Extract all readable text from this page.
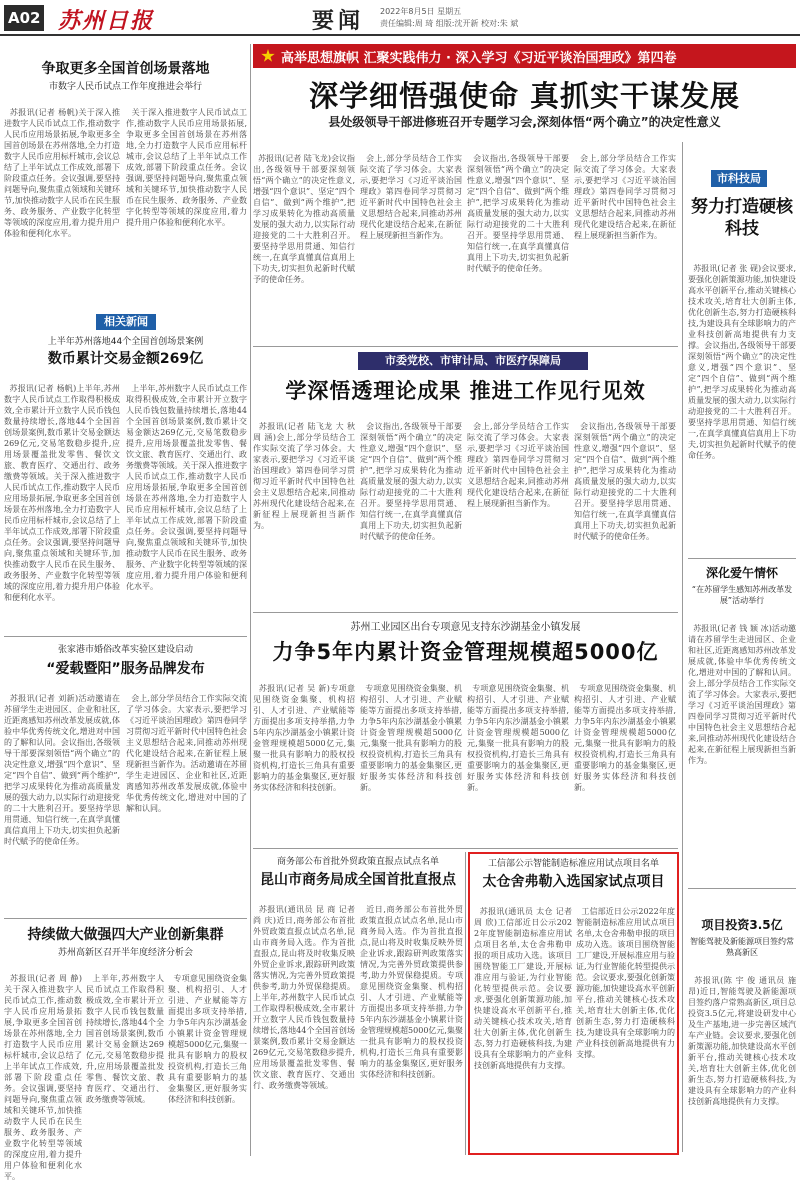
A02 苏州日报	要闻 2022年8月5日 星期五
责任编辑:周 琦 组版:沈开新 校对:朱 斌
高举思想旗帜 汇聚实践伟力 · 深入学习《习近平谈治国理政》第四卷
深学细悟强使命 真抓实干谋发展
县处级领导干部进修班召开专题学习会,深刻体悟“两个确立”的决定性意义

苏报讯(记者 陆飞龙)会议指出,各级领导干部要深刻领悟“两个确立”的决定性意义,增强“四个意识”、坚定“四个自信”、做到“两个维护”,把学习成果转化为推动高质量发展的强大动力,以实际行动迎接党的二十大胜利召开。要坚持学思用贯通、知信行统一,在真学真懂真信真用上下功夫,切实担负起新时代赋予的使命任务。

会上,部分学员结合工作实际交流了学习体会。大家表示,要把学习《习近平谈治国理政》第四卷同学习贯彻习近平新时代中国特色社会主义思想结合起来,同推动苏州现代化建设结合起来,在新征程上展现新担当新作为。

会议指出,各级领导干部要深刻领悟“两个确立”的决定性意义,增强“四个意识”、坚定“四个自信”、做到“两个维护”,把学习成果转化为推动高质量发展的强大动力,以实际行动迎接党的二十大胜利召开。要坚持学思用贯通、知信行统一,在真学真懂真信真用上下功夫,切实担负起新时代赋予的使命任务。

会上,部分学员结合工作实际交流了学习体会。大家表示,要把学习《习近平谈治国理政》第四卷同学习贯彻习近平新时代中国特色社会主义思想结合起来,同推动苏州现代化建设结合起来,在新征程上展现新担当新作为。

市科技局
努力打造硬核科技

苏报讯(记者 张 砚)会议要求,要强化创新策源功能,加快建设高水平创新平台,推动关键核心技术攻关,培育壮大创新主体,优化创新生态,努力打造硬核科技,为建设具有全球影响力的产业科技创新高地提供有力支撑。会议指出,各级领导干部要深刻领悟“两个确立”的决定性意义,增强“四个意识”、坚定“四个自信”、做到“两个维护”,把学习成果转化为推动高质量发展的强大动力,以实际行动迎接党的二十大胜利召开。要坚持学思用贯通、知信行统一,在真学真懂真信真用上下功夫,切实担负起新时代赋予的使命任务。

争取更多全国首创场景落地
市数字人民币试点工作年度推进会举行

苏报讯(记者 杨帆)关于深入推进数字人民币试点工作,推动数字人民币应用场景拓展,争取更多全国首创场景在苏州落地,全力打造数字人民币应用标杆城市,会议总结了上半年试点工作成效,部署下阶段重点任务。会议强调,要坚持问题导向,聚焦重点领域和关键环节,加快推动数字人民币在民生服务、政务服务、产业数字化转型等领域的深度应用,着力提升用户体验和便利化水平。

关于深入推进数字人民币试点工作,推动数字人民币应用场景拓展,争取更多全国首创场景在苏州落地,全力打造数字人民币应用标杆城市,会议总结了上半年试点工作成效,部署下阶段重点任务。会议强调,要坚持问题导向,聚焦重点领域和关键环节,加快推动数字人民币在民生服务、政务服务、产业数字化转型等领域的深度应用,着力提升用户体验和便利化水平。

相关新闻
上半年苏州落地44个全国首创场景案例
数币累计交易金额269亿

苏报讯(记者 杨帆)上半年,苏州数字人民币试点工作取得积极成效,全市累计开立数字人民币钱包数量持续增长,落地44个全国首创场景案例,数币累计交易金额达269亿元,交易笔数稳步提升,应用场景覆盖批发零售、餐饮文旅、教育医疗、交通出行、政务缴费等领域。关于深入推进数字人民币试点工作,推动数字人民币应用场景拓展,争取更多全国首创场景在苏州落地,全力打造数字人民币应用标杆城市,会议总结了上半年试点工作成效,部署下阶段重点任务。会议强调,要坚持问题导向,聚焦重点领域和关键环节,加快推动数字人民币在民生服务、政务服务、产业数字化转型等领域的深度应用,着力提升用户体验和便利化水平。

上半年,苏州数字人民币试点工作取得积极成效,全市累计开立数字人民币钱包数量持续增长,落地44个全国首创场景案例,数币累计交易金额达269亿元,交易笔数稳步提升,应用场景覆盖批发零售、餐饮文旅、教育医疗、交通出行、政务缴费等领域。关于深入推进数字人民币试点工作,推动数字人民币应用场景拓展,争取更多全国首创场景在苏州落地,全力打造数字人民币应用标杆城市,会议总结了上半年试点工作成效,部署下阶段重点任务。会议强调,要坚持问题导向,聚焦重点领域和关键环节,加快推动数字人民币在民生服务、政务服务、产业数字化转型等领域的深度应用,着力提升用户体验和便利化水平。

市委党校、市审计局、市医疗保障局
学深悟透理论成果 推进工作见行见效

苏报讯(记者 陆飞龙 大 秋 周 涵)会上,部分学员结合工作实际交流了学习体会。大家表示,要把学习《习近平谈治国理政》第四卷同学习贯彻习近平新时代中国特色社会主义思想结合起来,同推动苏州现代化建设结合起来,在新征程上展现新担当新作为。

会议指出,各级领导干部要深刻领悟“两个确立”的决定性意义,增强“四个意识”、坚定“四个自信”、做到“两个维护”,把学习成果转化为推动高质量发展的强大动力,以实际行动迎接党的二十大胜利召开。要坚持学思用贯通、知信行统一,在真学真懂真信真用上下功夫,切实担负起新时代赋予的使命任务。

会上,部分学员结合工作实际交流了学习体会。大家表示,要把学习《习近平谈治国理政》第四卷同学习贯彻习近平新时代中国特色社会主义思想结合起来,同推动苏州现代化建设结合起来,在新征程上展现新担当新作为。

会议指出,各级领导干部要深刻领悟“两个确立”的决定性意义,增强“四个意识”、坚定“四个自信”、做到“两个维护”,把学习成果转化为推动高质量发展的强大动力,以实际行动迎接党的二十大胜利召开。要坚持学思用贯通、知信行统一,在真学真懂真信真用上下功夫,切实担负起新时代赋予的使命任务。

张家港市婚俗改革实验区建设启动
“爱载暨阳”服务品牌发布

苏报讯(记者 刘新)活动邀请在苏留学生走进园区、企业和社区,近距离感知苏州改革发展成就,体验中华优秀传统文化,增进对中国的了解和认同。会议指出,各级领导干部要深刻领悟“两个确立”的决定性意义,增强“四个意识”、坚定“四个自信”、做到“两个维护”,把学习成果转化为推动高质量发展的强大动力,以实际行动迎接党的二十大胜利召开。要坚持学思用贯通、知信行统一,在真学真懂真信真用上下功夫,切实担负起新时代赋予的使命任务。

会上,部分学员结合工作实际交流了学习体会。大家表示,要把学习《习近平谈治国理政》第四卷同学习贯彻习近平新时代中国特色社会主义思想结合起来,同推动苏州现代化建设结合起来,在新征程上展现新担当新作为。活动邀请在苏留学生走进园区、企业和社区,近距离感知苏州改革发展成就,体验中华优秀传统文化,增进对中国的了解和认同。

持续做大做强四大产业创新集群
苏州高新区召开半年度经济分析会

苏报讯(记者 周 静)关于深入推进数字人民币试点工作,推动数字人民币应用场景拓展,争取更多全国首创场景在苏州落地,全力打造数字人民币应用标杆城市,会议总结了上半年试点工作成效,部署下阶段重点任务。会议强调,要坚持问题导向,聚焦重点领域和关键环节,加快推动数字人民币在民生服务、政务服务、产业数字化转型等领域的深度应用,着力提升用户体验和便利化水平。

上半年,苏州数字人民币试点工作取得积极成效,全市累计开立数字人民币钱包数量持续增长,落地44个全国首创场景案例,数币累计交易金额达269亿元,交易笔数稳步提升,应用场景覆盖批发零售、餐饮文旅、教育医疗、交通出行、政务缴费等领域。

专项意见围绕资金集聚、机构招引、人才引进、产业赋能等方面提出多项支持举措,力争5年内东沙湖基金小镇累计资金管理规模超5000亿元,集聚一批具有影响力的股权投资机构,打造长三角具有重要影响力的基金集聚区,更好服务实体经济和科技创新。

苏州工业园区出台专项意见支持东沙湖基金小镇发展
力争5年内累计资金管理规模超5000亿

苏报讯(记者 吴 新)专项意见围绕资金集聚、机构招引、人才引进、产业赋能等方面提出多项支持举措,力争5年内东沙湖基金小镇累计资金管理规模超5000亿元,集聚一批具有影响力的股权投资机构,打造长三角具有重要影响力的基金集聚区,更好服务实体经济和科技创新。

专项意见围绕资金集聚、机构招引、人才引进、产业赋能等方面提出多项支持举措,力争5年内东沙湖基金小镇累计资金管理规模超5000亿元,集聚一批具有影响力的股权投资机构,打造长三角具有重要影响力的基金集聚区,更好服务实体经济和科技创新。

专项意见围绕资金集聚、机构招引、人才引进、产业赋能等方面提出多项支持举措,力争5年内东沙湖基金小镇累计资金管理规模超5000亿元,集聚一批具有影响力的股权投资机构,打造长三角具有重要影响力的基金集聚区,更好服务实体经济和科技创新。

专项意见围绕资金集聚、机构招引、人才引进、产业赋能等方面提出多项支持举措,力争5年内东沙湖基金小镇累计资金管理规模超5000亿元,集聚一批具有影响力的股权投资机构,打造长三角具有重要影响力的基金集聚区,更好服务实体经济和科技创新。

商务部公布首批外贸政策直报点试点名单
昆山市商务局成全国首批直报点

苏报讯(通讯员 昆 商 记者 尚 庆)近日,商务部公布首批外贸政策直报点试点名单,昆山市商务局入选。作为首批直报点,昆山将及时收集反映外贸企业诉求,跟踪研判政策落实情况,为完善外贸政策提供参考,助力外贸保稳提质。上半年,苏州数字人民币试点工作取得积极成效,全市累计开立数字人民币钱包数量持续增长,落地44个全国首创场景案例,数币累计交易金额达269亿元,交易笔数稳步提升,应用场景覆盖批发零售、餐饮文旅、教育医疗、交通出行、政务缴费等领域。

近日,商务部公布首批外贸政策直报点试点名单,昆山市商务局入选。作为首批直报点,昆山将及时收集反映外贸企业诉求,跟踪研判政策落实情况,为完善外贸政策提供参考,助力外贸保稳提质。专项意见围绕资金集聚、机构招引、人才引进、产业赋能等方面提出多项支持举措,力争5年内东沙湖基金小镇累计资金管理规模超5000亿元,集聚一批具有影响力的股权投资机构,打造长三角具有重要影响力的基金集聚区,更好服务实体经济和科技创新。

工信部公示智能制造标准应用试点项目名单
太仓舍弗勒入选国家试点项目

苏报讯(通讯员 太仓 记者 周 欣)工信部近日公示2022年度智能制造标准应用试点项目名单,太仓舍弗勒申报的项目成功入选。该项目围绕智能工厂建设,开展标准应用与验证,为行业智能化转型提供示范。会议要求,要强化创新策源功能,加快建设高水平创新平台,推动关键核心技术攻关,培育壮大创新主体,优化创新生态,努力打造硬核科技,为建设具有全球影响力的产业科技创新高地提供有力支撑。

工信部近日公示2022年度智能制造标准应用试点项目名单,太仓舍弗勒申报的项目成功入选。该项目围绕智能工厂建设,开展标准应用与验证,为行业智能化转型提供示范。会议要求,要强化创新策源功能,加快建设高水平创新平台,推动关键核心技术攻关,培育壮大创新主体,优化创新生态,努力打造硬核科技,为建设具有全球影响力的产业科技创新高地提供有力支撑。

深化爱午情怀
“在苏留学生感知苏州改革发展”活动举行

苏报讯(记者 钱 颖 冰)活动邀请在苏留学生走进园区、企业和社区,近距离感知苏州改革发展成就,体验中华优秀传统文化,增进对中国的了解和认同。会上,部分学员结合工作实际交流了学习体会。大家表示,要把学习《习近平谈治国理政》第四卷同学习贯彻习近平新时代中国特色社会主义思想结合起来,同推动苏州现代化建设结合起来,在新征程上展现新担当新作为。

项目投资3.5亿
智能驾驶及新能源项目签约常熟高新区

苏报讯(陈 宇 俊 通讯员 施 昂)近日,智能驾驶及新能源项目签约落户常熟高新区,项目总投资3.5亿元,将建设研发中心及生产基地,进一步完善区域汽车产业链。会议要求,要强化创新策源功能,加快建设高水平创新平台,推动关键核心技术攻关,培育壮大创新主体,优化创新生态,努力打造硬核科技,为建设具有全球影响力的产业科技创新高地提供有力支撑。
